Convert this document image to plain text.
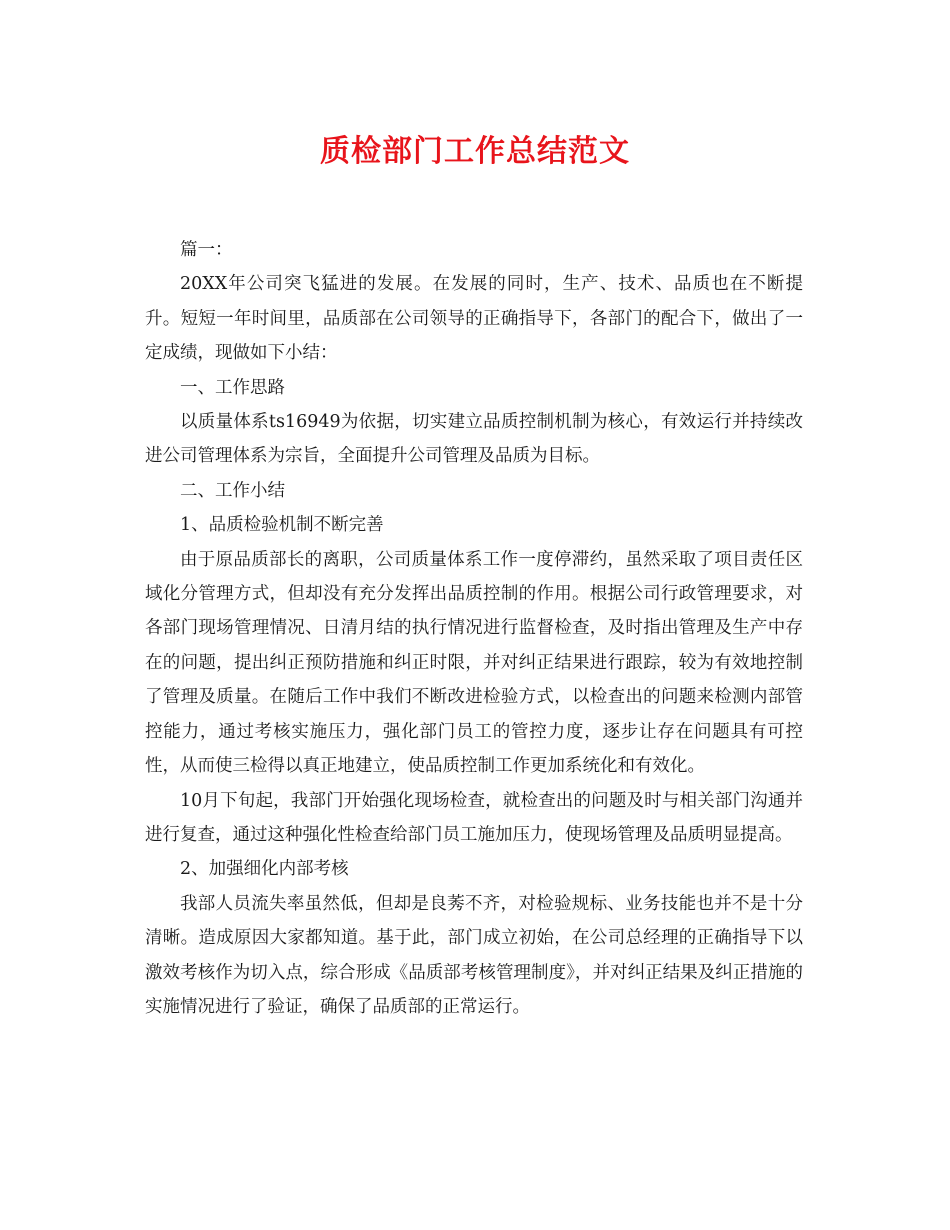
质检部门工作总结范文

篇一：

20XX年公司突飞猛进的发展。在发展的同时，生产、技术、品质也在不断提升。短短一年时间里，品质部在公司领导的正确指导下，各部门的配合下，做出了一定成绩，现做如下小结：

一、工作思路

以质量体系ts16949为依据，切实建立品质控制机制为核心，有效运行并持续改进公司管理体系为宗旨，全面提升公司管理及品质为目标。

二、工作小结

1、品质检验机制不断完善

由于原品质部长的离职，公司质量体系工作一度停滞约，虽然采取了项目责任区域化分管理方式，但却没有充分发挥出品质控制的作用。根据公司行政管理要求，对各部门现场管理情况、日清月结的执行情况进行监督检查，及时指出管理及生产中存在的问题，提出纠正预防措施和纠正时限，并对纠正结果进行跟踪，较为有效地控制了管理及质量。在随后工作中我们不断改进检验方式，以检查出的问题来检测内部管控能力，通过考核实施压力，强化部门员工的管控力度，逐步让存在问题具有可控性，从而使三检得以真正地建立，使品质控制工作更加系统化和有效化。

10月下旬起，我部门开始强化现场检查，就检查出的问题及时与相关部门沟通并进行复查，通过这种强化性检查给部门员工施加压力，使现场管理及品质明显提高。

2、加强细化内部考核

我部人员流失率虽然低，但却是良莠不齐，对检验规标、业务技能也并不是十分清晰。造成原因大家都知道。基于此，部门成立初始，在公司总经理的正确指导下以激效考核作为切入点，综合形成《品质部考核管理制度》，并对纠正结果及纠正措施的实施情况进行了验证，确保了品质部的正常运行。
